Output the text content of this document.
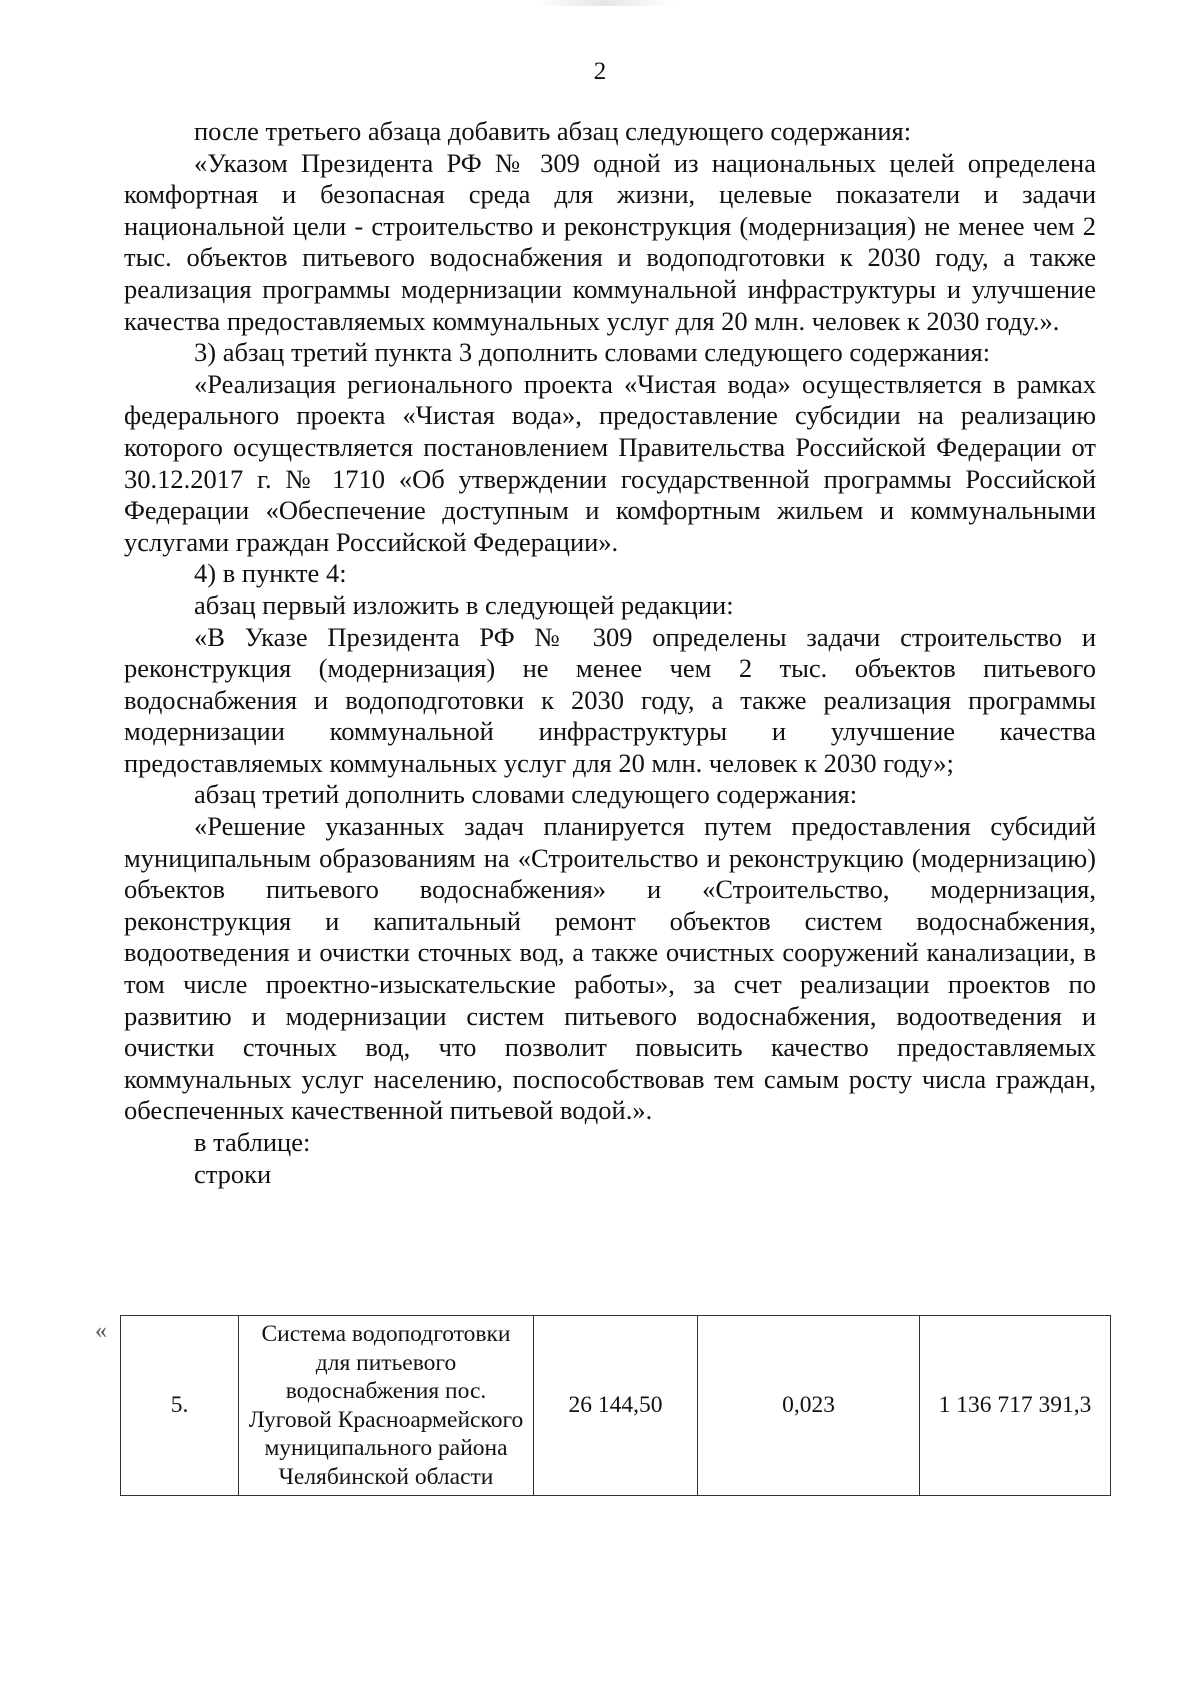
2

после третьего абзаца добавить абзац следующего содержания:

«Указом Президента РФ № 309 одной из национальных целей определена комфортная и безопасная среда для жизни, целевые показатели и задачи национальной цели - строительство и реконструкция (модернизация) не менее чем 2 тыс. объектов питьевого водоснабжения и водоподготовки к 2030 году, а также реализация программы модернизации коммунальной инфраструктуры и улучшение качества предоставляемых коммунальных услуг для 20 млн. человек к 2030 году.».

3) абзац третий пункта 3 дополнить словами следующего содержания:

«Реализация регионального проекта «Чистая вода» осуществляется в рамках федерального проекта «Чистая вода», предоставление субсидии на реализацию которого осуществляется постановлением Правительства Российской Федерации от 30.12.2017 г. № 1710 «Об утверждении государственной программы Российской Федерации «Обеспечение доступным и комфортным жильем и коммунальными услугами граждан Российской Федерации».

4) в пункте 4:

абзац первый изложить в следующей редакции:

«В Указе Президента РФ № 309 определены задачи строительство и реконструкция (модернизация) не менее чем 2 тыс. объектов питьевого водоснабжения и водоподготовки к 2030 году, а также реализация программы модернизации коммунальной инфраструктуры и улучшение качества предоставляемых коммунальных услуг для 20 млн. человек к 2030 году»;

абзац третий дополнить словами следующего содержания:

«Решение указанных задач планируется путем предоставления субсидий муниципальным образованиям на «Строительство и реконструкцию (модернизацию) объектов питьевого водоснабжения» и «Строительство, модернизация, реконструкция и капитальный ремонт объектов систем водоснабжения, водоотведения и очистки сточных вод, а также очистных сооружений канализации, в том числе проектно-изыскательские работы», за счет реализации проектов по развитию и модернизации систем питьевого водоснабжения, водоотведения и очистки сточных вод, что позволит повысить качество предоставляемых коммунальных услуг населению, поспособствовав тем самым росту числа граждан, обеспеченных качественной питьевой водой.».

в таблице:

строки

«
5.	Система водоподготовки для питьевого водоснабжения пос. Луговой Красноармейского муниципального района Челябинской области	26 144,50	0,023	1 136 717 391,3
